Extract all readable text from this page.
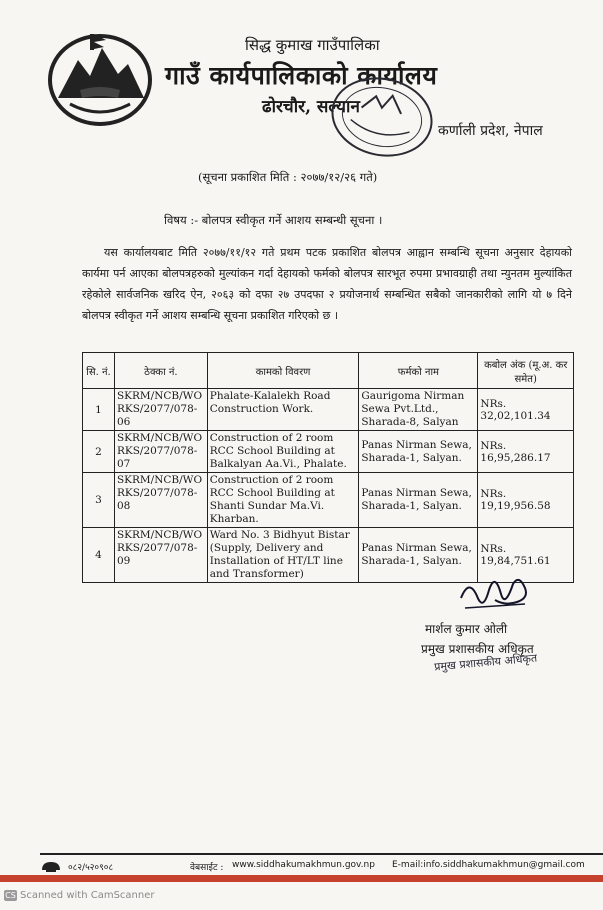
सिद्ध कुमाख गाउँपालिका
गाउँ कार्यपालिकाको कार्यालय
ढोरचौर, सल्यान
कर्णाली प्रदेश, नेपाल
(सूचना प्रकाशित मिति : २०७७/१२/२६ गते)
विषय :- बोलपत्र स्वीकृत गर्ने आशय सम्बन्धी सूचना ।
यस कार्यालयबाट मिति २०७७/११/१२ गते प्रथम पटक प्रकाशित बोलपत्र आह्वान सम्बन्धि सूचना अनुसार देहायको कार्यमा पर्न आएका बोलपत्रहरुको मुल्यांकन गर्दा देहायको फर्मको बोलपत्र सारभूत रुपमा प्रभावग्राही तथा न्युनतम मुल्यांकित रहेकोले सार्वजनिक खरिद ऐन, २०६३ को दफा २७ उपदफा २ प्रयोजनार्थ सम्बन्धित सबैको जानकारीको लागि यो ७ दिने बोलपत्र स्वीकृत गर्ने आशय सम्बन्धि सूचना प्रकाशित गरिएको छ ।
सि. नं.	ठेक्का नं.	कामको विवरण	फर्मको नाम	कबोल अंक (मू.अ. कर समेत)
1	SKRM/NCB/WO RKS/2077/078-06	Phalate-Kalalekh Road Construction Work.	Gaurigoma Nirman Sewa Pvt.Ltd., Sharada-8, Salyan	NRs. 32,02,101.34
2	SKRM/NCB/WO RKS/2077/078-07	Construction of 2 room RCC School Building at Balkalyan Aa.Vi., Phalate.	Panas Nirman Sewa, Sharada-1, Salyan.	NRs. 16,95,286.17
3	SKRM/NCB/WO RKS/2077/078-08	Construction of 2 room RCC School Building at Shanti Sundar Ma.Vi. Kharban.	Panas Nirman Sewa, Sharada-1, Salyan.	NRs. 19,19,956.58
4	SKRM/NCB/WO RKS/2077/078-09	Ward No. 3 Bidhyut Bistar (Supply, Delivery and Installation of HT/LT line and Transformer)	Panas Nirman Sewa, Sharada-1, Salyan.	NRs. 19,84,751.61
मार्शल कुमार ओली
प्रमुख प्रशासकीय अधिकृत
प्रमुख प्रशासकीय अधिकृत
०८२/५२०९०८	वेबसाईट : www.siddhakumakhmun.gov.np E-mail:info.siddhakumakhmun@gmail.com
CS Scanned with CamScanner
